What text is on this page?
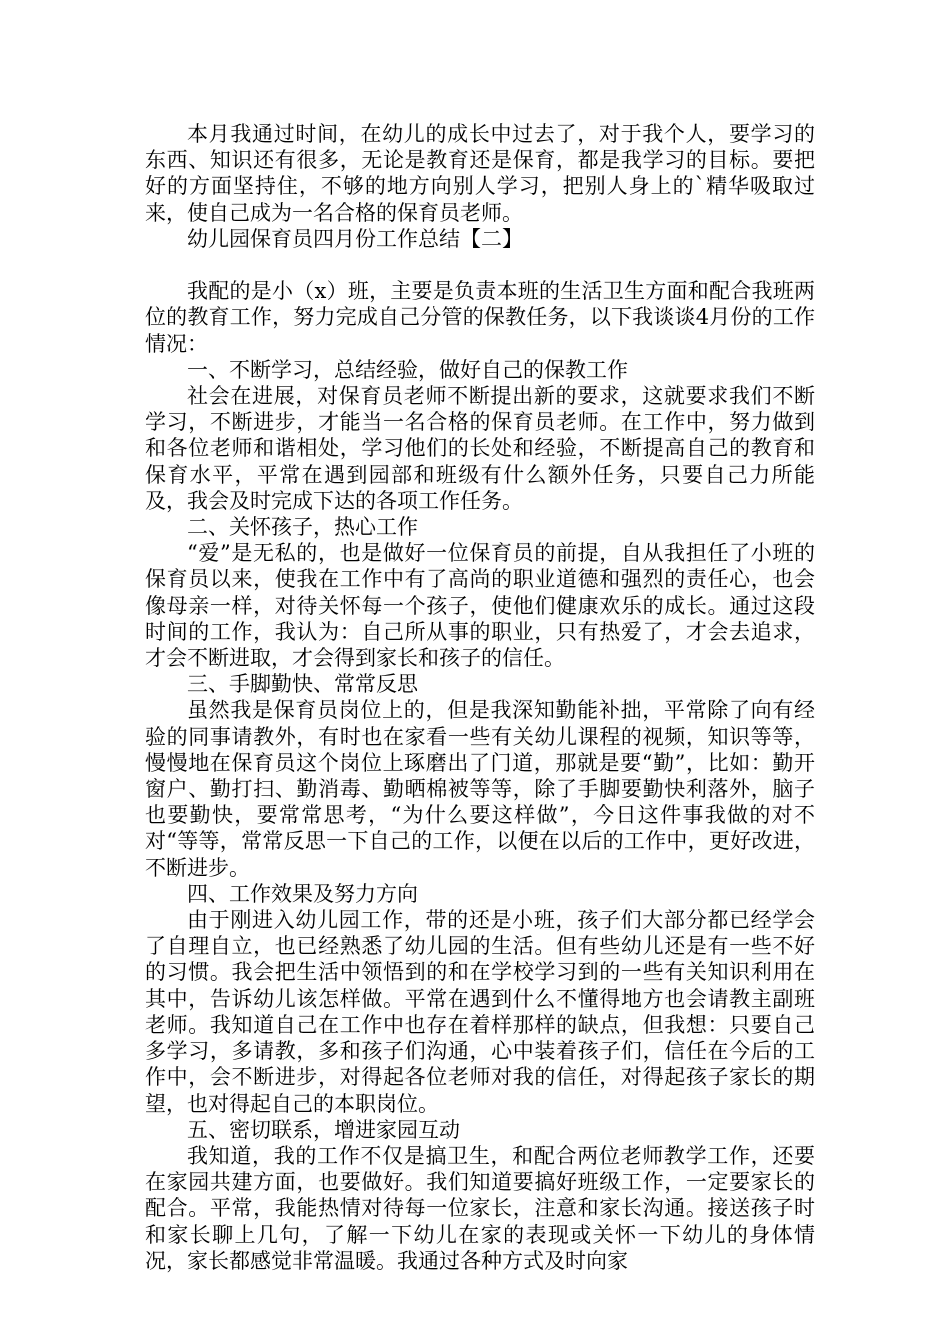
本月我通过时间，在幼儿的成长中过去了，对于我个人，要学习的东西、知识还有很多，无论是教育还是保育，都是我学习的目标。要把好的方面坚持住，不够的地方向别人学习，把别人身上的`精华吸取过来，使自己成为一名合格的保育员老师。

幼儿园保育员四月份工作总结【二】

我配的是小（x）班，主要是负责本班的生活卫生方面和配合我班两位的教育工作，努力完成自己分管的保教任务，以下我谈谈4月份的工作情况：

一、不断学习，总结经验，做好自己的保教工作

社会在进展，对保育员老师不断提出新的要求，这就要求我们不断学习，不断进步，才能当一名合格的保育员老师。在工作中，努力做到和各位老师和谐相处，学习他们的长处和经验，不断提高自己的教育和保育水平，平常在遇到园部和班级有什么额外任务，只要自己力所能及，我会及时完成下达的各项工作任务。

二、关怀孩子，热心工作

“爱”是无私的，也是做好一位保育员的前提，自从我担任了小班的保育员以来，使我在工作中有了高尚的职业道德和强烈的责任心，也会像母亲一样，对待关怀每一个孩子，使他们健康欢乐的成长。通过这段时间的工作，我认为：自己所从事的职业，只有热爱了，才会去追求，才会不断进取，才会得到家长和孩子的信任。

三、手脚勤快、常常反思

虽然我是保育员岗位上的，但是我深知勤能补拙，平常除了向有经验的同事请教外，有时也在家看一些有关幼儿课程的视频，知识等等，慢慢地在保育员这个岗位上琢磨出了门道，那就是要“勤”，比如：勤开窗户、勤打扫、勤消毒、勤晒棉被等等，除了手脚要勤快利落外，脑子也要勤快，要常常思考，“为什么要这样做”，今日这件事我做的对不对“等等，常常反思一下自己的工作，以便在以后的工作中，更好改进，不断进步。

四、工作效果及努力方向

由于刚进入幼儿园工作，带的还是小班，孩子们大部分都已经学会了自理自立，也已经熟悉了幼儿园的生活。但有些幼儿还是有一些不好的习惯。我会把生活中领悟到的和在学校学习到的一些有关知识利用在其中，告诉幼儿该怎样做。平常在遇到什么不懂得地方也会请教主副班老师。我知道自己在工作中也存在着样那样的缺点，但我想：只要自己多学习，多请教，多和孩子们沟通，心中装着孩子们，信任在今后的工作中，会不断进步，对得起各位老师对我的信任，对得起孩子家长的期望，也对得起自己的本职岗位。

五、密切联系，增进家园互动

我知道，我的工作不仅是搞卫生，和配合两位老师教学工作，还要在家园共建方面，也要做好。我们知道要搞好班级工作，一定要家长的配合。平常，我能热情对待每一位家长，注意和家长沟通。接送孩子时和家长聊上几句，了解一下幼儿在家的表现或关怀一下幼儿的身体情况，家长都感觉非常温暖。我通过各种方式及时向家
